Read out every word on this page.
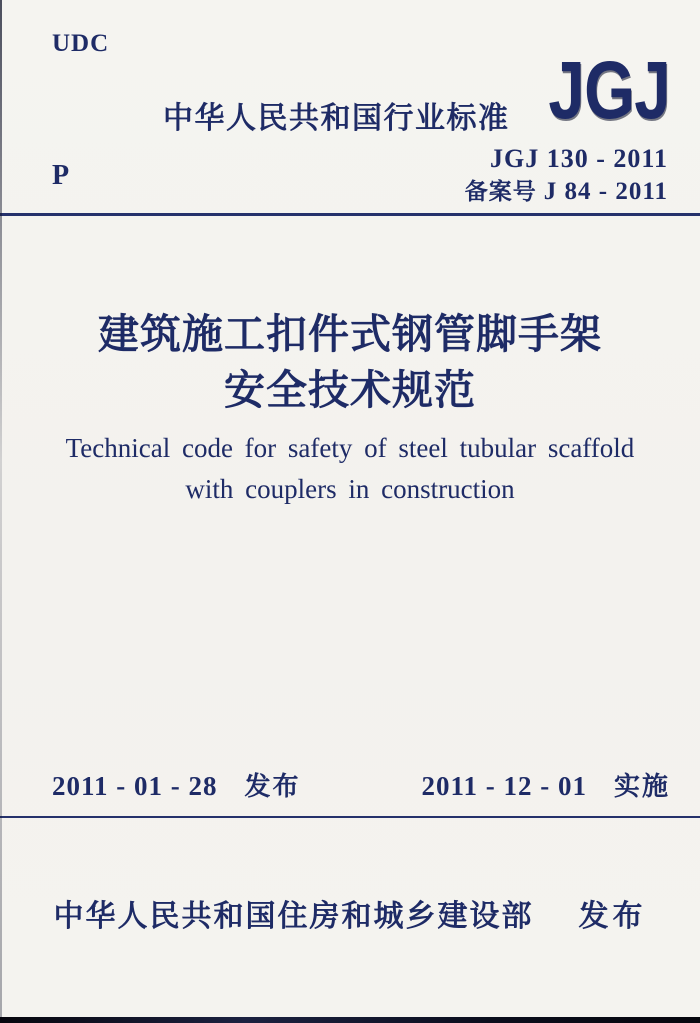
UDC
中华人民共和国行业标准 JGJ
JGJ 130 - 2011
备案号 J 84 - 2011
P
建筑施工扣件式钢管脚手架
安全技术规范
Technical code for safety of steel tubular scaffold
with couplers in construction
2011 - 01 - 28 发布	2011 - 12 - 01 实施
中华人民共和国住房和城乡建设部 发布
